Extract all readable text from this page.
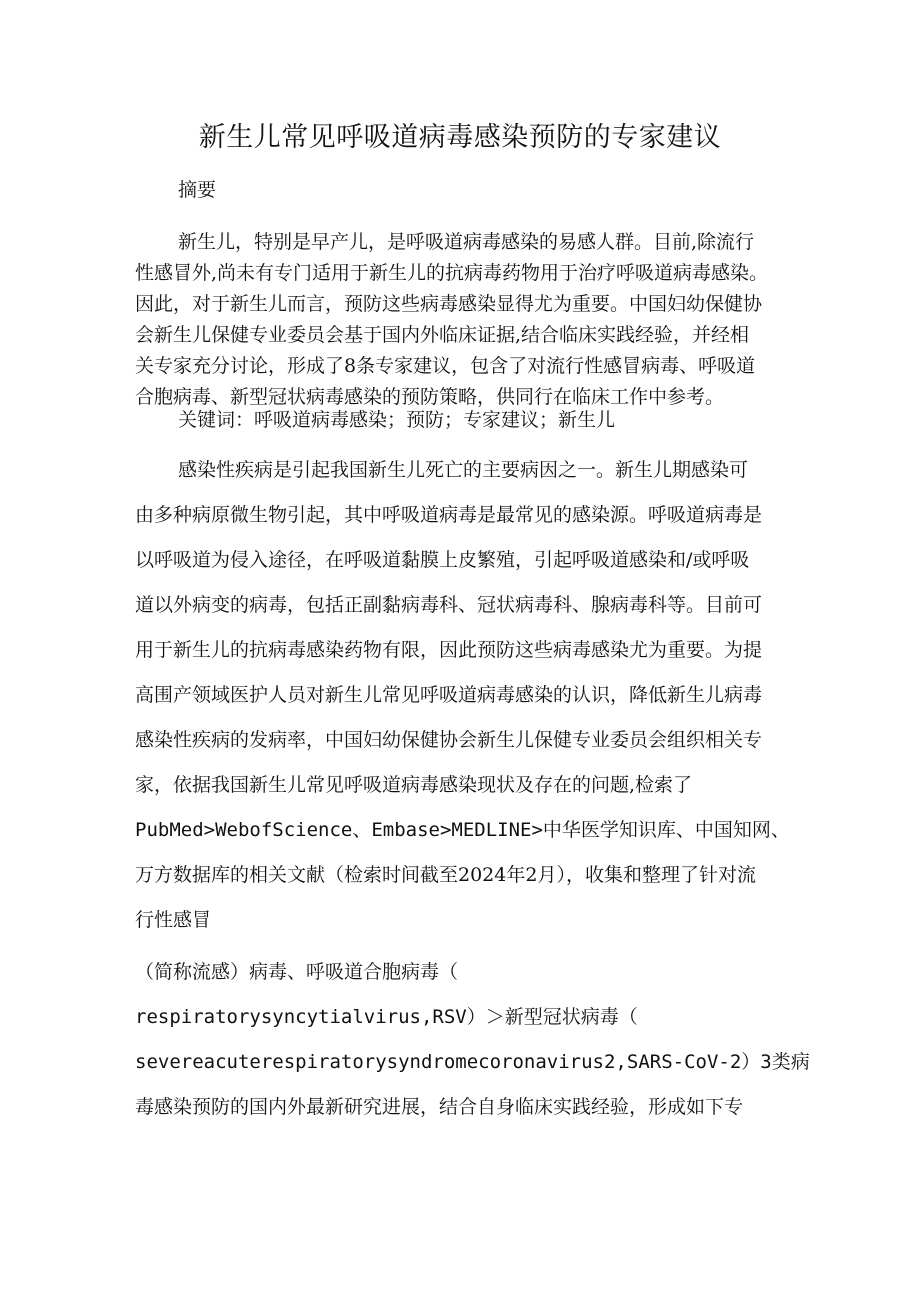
新生儿常见呼吸道病毒感染预防的专家建议

摘要

新生儿，特别是早产儿，是呼吸道病毒感染的易感人群。目前,除流行

性感冒外,尚未有专门适用于新生儿的抗病毒药物用于治疗呼吸道病毒感染。

因此，对于新生儿而言，预防这些病毒感染显得尤为重要。中国妇幼保健协

会新生儿保健专业委员会基于国内外临床证据,结合临床实践经验，并经相

关专家充分讨论，形成了8条专家建议，包含了对流行性感冒病毒、呼吸道

合胞病毒、新型冠状病毒感染的预防策略，供同行在临床工作中参考。

关键词：呼吸道病毒感染；预防；专家建议；新生儿

感染性疾病是引起我国新生儿死亡的主要病因之一。新生儿期感染可

由多种病原微生物引起，其中呼吸道病毒是最常见的感染源。呼吸道病毒是

以呼吸道为侵入途径，在呼吸道黏膜上皮繁殖，引起呼吸道感染和/或呼吸

道以外病变的病毒，包括正副黏病毒科、冠状病毒科、腺病毒科等。目前可

用于新生儿的抗病毒感染药物有限，因此预防这些病毒感染尤为重要。为提

高围产领域医护人员对新生儿常见呼吸道病毒感染的认识，降低新生儿病毒

感染性疾病的发病率，中国妇幼保健协会新生儿保健专业委员会组织相关专

家，依据我国新生儿常见呼吸道病毒感染现状及存在的问题,检索了

PubMed>WebofScience、Embase>MEDLINE>中华医学知识库、中国知网、

万方数据库的相关文献（检索时间截至2024年2月），收集和整理了针对流

行性感冒

（简称流感）病毒、呼吸道合胞病毒（

respiratorysyncytialvirus,RSV）＞新型冠状病毒（

severeacuterespiratorysyndromecoronavirus2,SARS-CoV-2）3类病

毒感染预防的国内外最新研究进展，结合自身临床实践经验，形成如下专
